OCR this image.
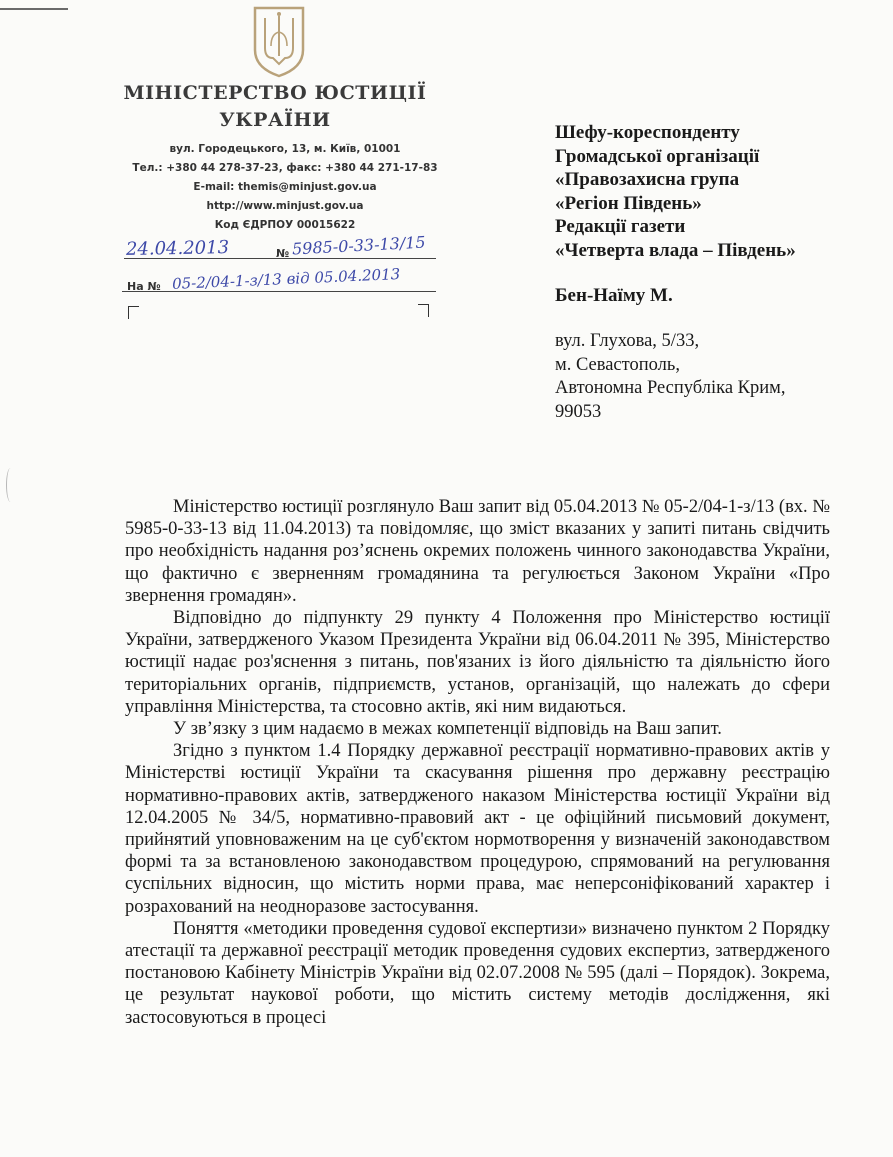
МІНІСТЕРСТВО ЮСТИЦІЇ
УКРАЇНИ
вул. Городецького, 13, м. Київ, 01001
Тел.: +380 44 278-37-23, факс: +380 44 271-17-83
E-mail: themis@minjust.gov.ua
http://www.minjust.gov.ua
Код ЄДРПОУ 00015622
24.04.2013	№ 5985-0-33-13/15
На № 05-2/04-1-з/13 від 05.04.2013
Шефу-кореспонденту
Громадської організації
«Правозахисна група
«Регіон Південь»
Редакції газети
«Четверта влада – Південь»
Бен-Наїму М.
вул. Глухова, 5/33,
м. Севастополь,
Автономна Республіка Крим,
99053

Міністерство юстиції розглянуло Ваш запит від 05.04.2013 № 05-2/04-1-з/13 (вх. № 5985-0-33-13 від 11.04.2013) та повідомляє, що зміст вказаних у запиті питань свідчить про необхідність надання роз’яснень окремих положень чинного законодавства України, що фактично є зверненням громадянина та регулюється Законом України «Про звернення громадян».

Відповідно до підпункту 29 пункту 4 Положення про Міністерство юстиції України, затвердженого Указом Президента України від 06.04.2011 № 395, Міністерство юстиції надає роз'яснення з питань, пов'язаних із його діяльністю та діяльністю його територіальних органів, підприємств, установ, організацій, що належать до сфери управління Міністерства, та стосовно актів, які ним видаються.

У зв’язку з цим надаємо в межах компетенції відповідь на Ваш запит.

Згідно з пунктом 1.4 Порядку державної реєстрації нормативно-правових актів у Міністерстві юстиції України та скасування рішення про державну реєстрацію нормативно-правових актів, затвердженого наказом Міністерства юстиції України від 12.04.2005 № 34/5, нормативно-правовий акт - це офіційний письмовий документ, прийнятий уповноваженим на це суб'єктом нормотворення у визначеній законодавством формі та за встановленою законодавством процедурою, спрямований на регулювання суспільних відносин, що містить норми права, має неперсоніфікований характер і розрахований на неодноразове застосування.

Поняття «методики проведення судової експертизи» визначено пунктом 2 Порядку атестації та державної реєстрації методик проведення судових експертиз, затвердженого постановою Кабінету Міністрів України від 02.07.2008 № 595 (далі – Порядок). Зокрема, це результат наукової роботи, що містить систему методів дослідження, які застосовуються в процесі
